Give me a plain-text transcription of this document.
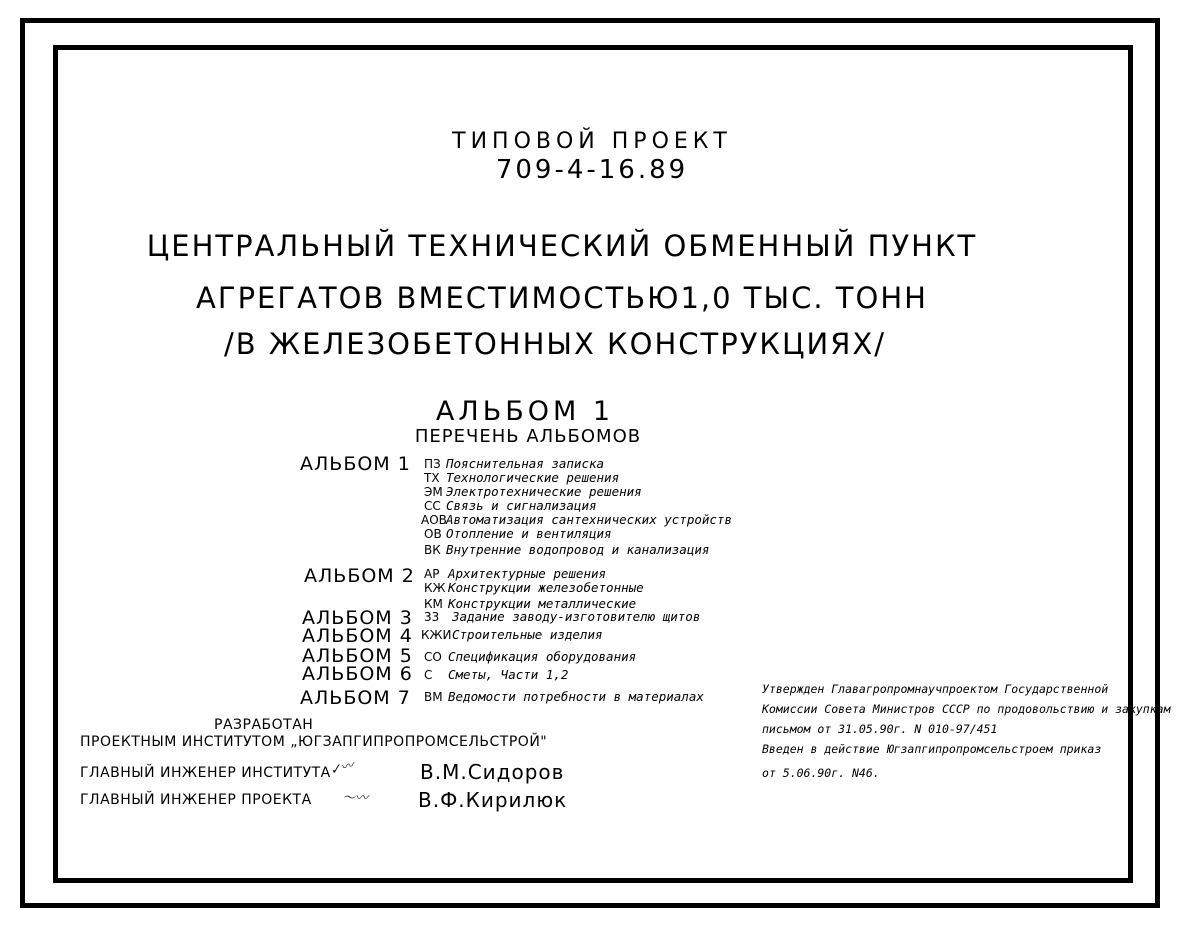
ТИПОВОЙ ПРОЕКТ
709-4-16.89
ЦЕНТРАЛЬНЫЙ ТЕХНИЧЕСКИЙ ОБМЕННЫЙ ПУНКТ
АГРЕГАТОВ ВМЕСТИМОСТЬЮ1,0 ТЫС. ТОНН
/В ЖЕЛЕЗОБЕТОННЫХ КОНСТРУКЦИЯХ/
АЛЬБОМ 1
ПЕРЕЧЕНЬ АЛЬБОМОВ
АЛЬБОМ 1 ПЗ Пояснительная записка
ТХ Технологические решения
ЭМ Электротехнические решения
СС Связь и сигнализация
АОВ Автоматизация сантехнических устройств
ОВ Отопление и вентиляция
ВК Внутренние водопровод и канализация
АЛЬБОМ 2 АР Архитектурные решения
КЖ Конструкции железобетонные
КМ Конструкции металлические
АЛЬБОМ 3 33 Задание заводу-изготовителю щитов
АЛЬБОМ 4 КЖИ Строительные изделия
АЛЬБОМ 5 СО Спецификация оборудования
АЛЬБОМ 6 С Сметы, Части 1,2
АЛЬБОМ 7 ВМ Ведомости потребности в материалах
РАЗРАБОТАН
ПРОЕКТНЫМ ИНСТИТУТОМ „ЮГЗАПГИПРОПРОМСЕЛЬСТРОЙ"
ГЛАВНЫЙ ИНЖЕНЕР ИНСТИТУТА
✓〰	В.М.Сидоров
ГЛАВНЫЙ ИНЖЕНЕР ПРОЕКТА 〜〰 В.Ф.Кирилюк
Утвержден Главагропромнаучпроектом Государственной
Комиссии Совета Министров СССР по продовольствию и закупкам
письмом от 31.05.90г. N 010-97/451
Введен в действие Югзапгипропромсельстроем приказ
от 5.06.90г. N46.
